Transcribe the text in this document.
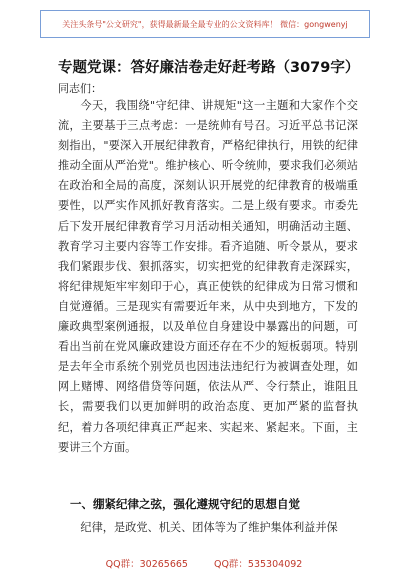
关注头条号"公文研究"，获得最新最全最专业的公文资料库！ 微信：gongwenyj
专题党课：答好廉洁卷走好赶考路（3079字）
同志们：

今天，我围绕"守纪律、讲规矩"这一主题和大家作个交流，主要基于三点考虑：一是统帅有号召。习近平总书记深刻指出，"要深入开展纪律教育，严格纪律执行，用铁的纪律推动全面从严治党"。维护核心、听令统帅，要求我们必须站在政治和全局的高度，深刻认识开展党的纪律教育的极端重要性，以严实作风抓好教育落实。二是上级有要求。市委先后下发开展纪律教育学习月活动相关通知，明确活动主题、教育学习主要内容等工作安排。看齐追随、听令景从，要求我们紧跟步伐、狠抓落实，切实把党的纪律教育走深踩实，将纪律规矩牢牢刻印于心，真正使铁的纪律成为日常习惯和自觉遵循。三是现实有需要近年来，从中央到地方，下发的廉政典型案例通报，以及单位自身建设中暴露出的问题，可看出当前在党风廉政建设方面还存在不少的短板弱项。特别是去年全市系统个别党员也因违法违纪行为被调查处理，如网上赌博、网络借贷等问题，依法从严、令行禁止，谁阻且长，需要我们以更加鲜明的政治态度、更加严紧的监督执纪，着力各项纪律真正严起来、实起来、紧起来。下面，主要讲三个方面。

一、绷紧纪律之弦，强化遵规守纪的思想自觉
纪律，是政党、机关、团体等为了维护集体利益并保
QQ群：30265665	QQ群：535304092
